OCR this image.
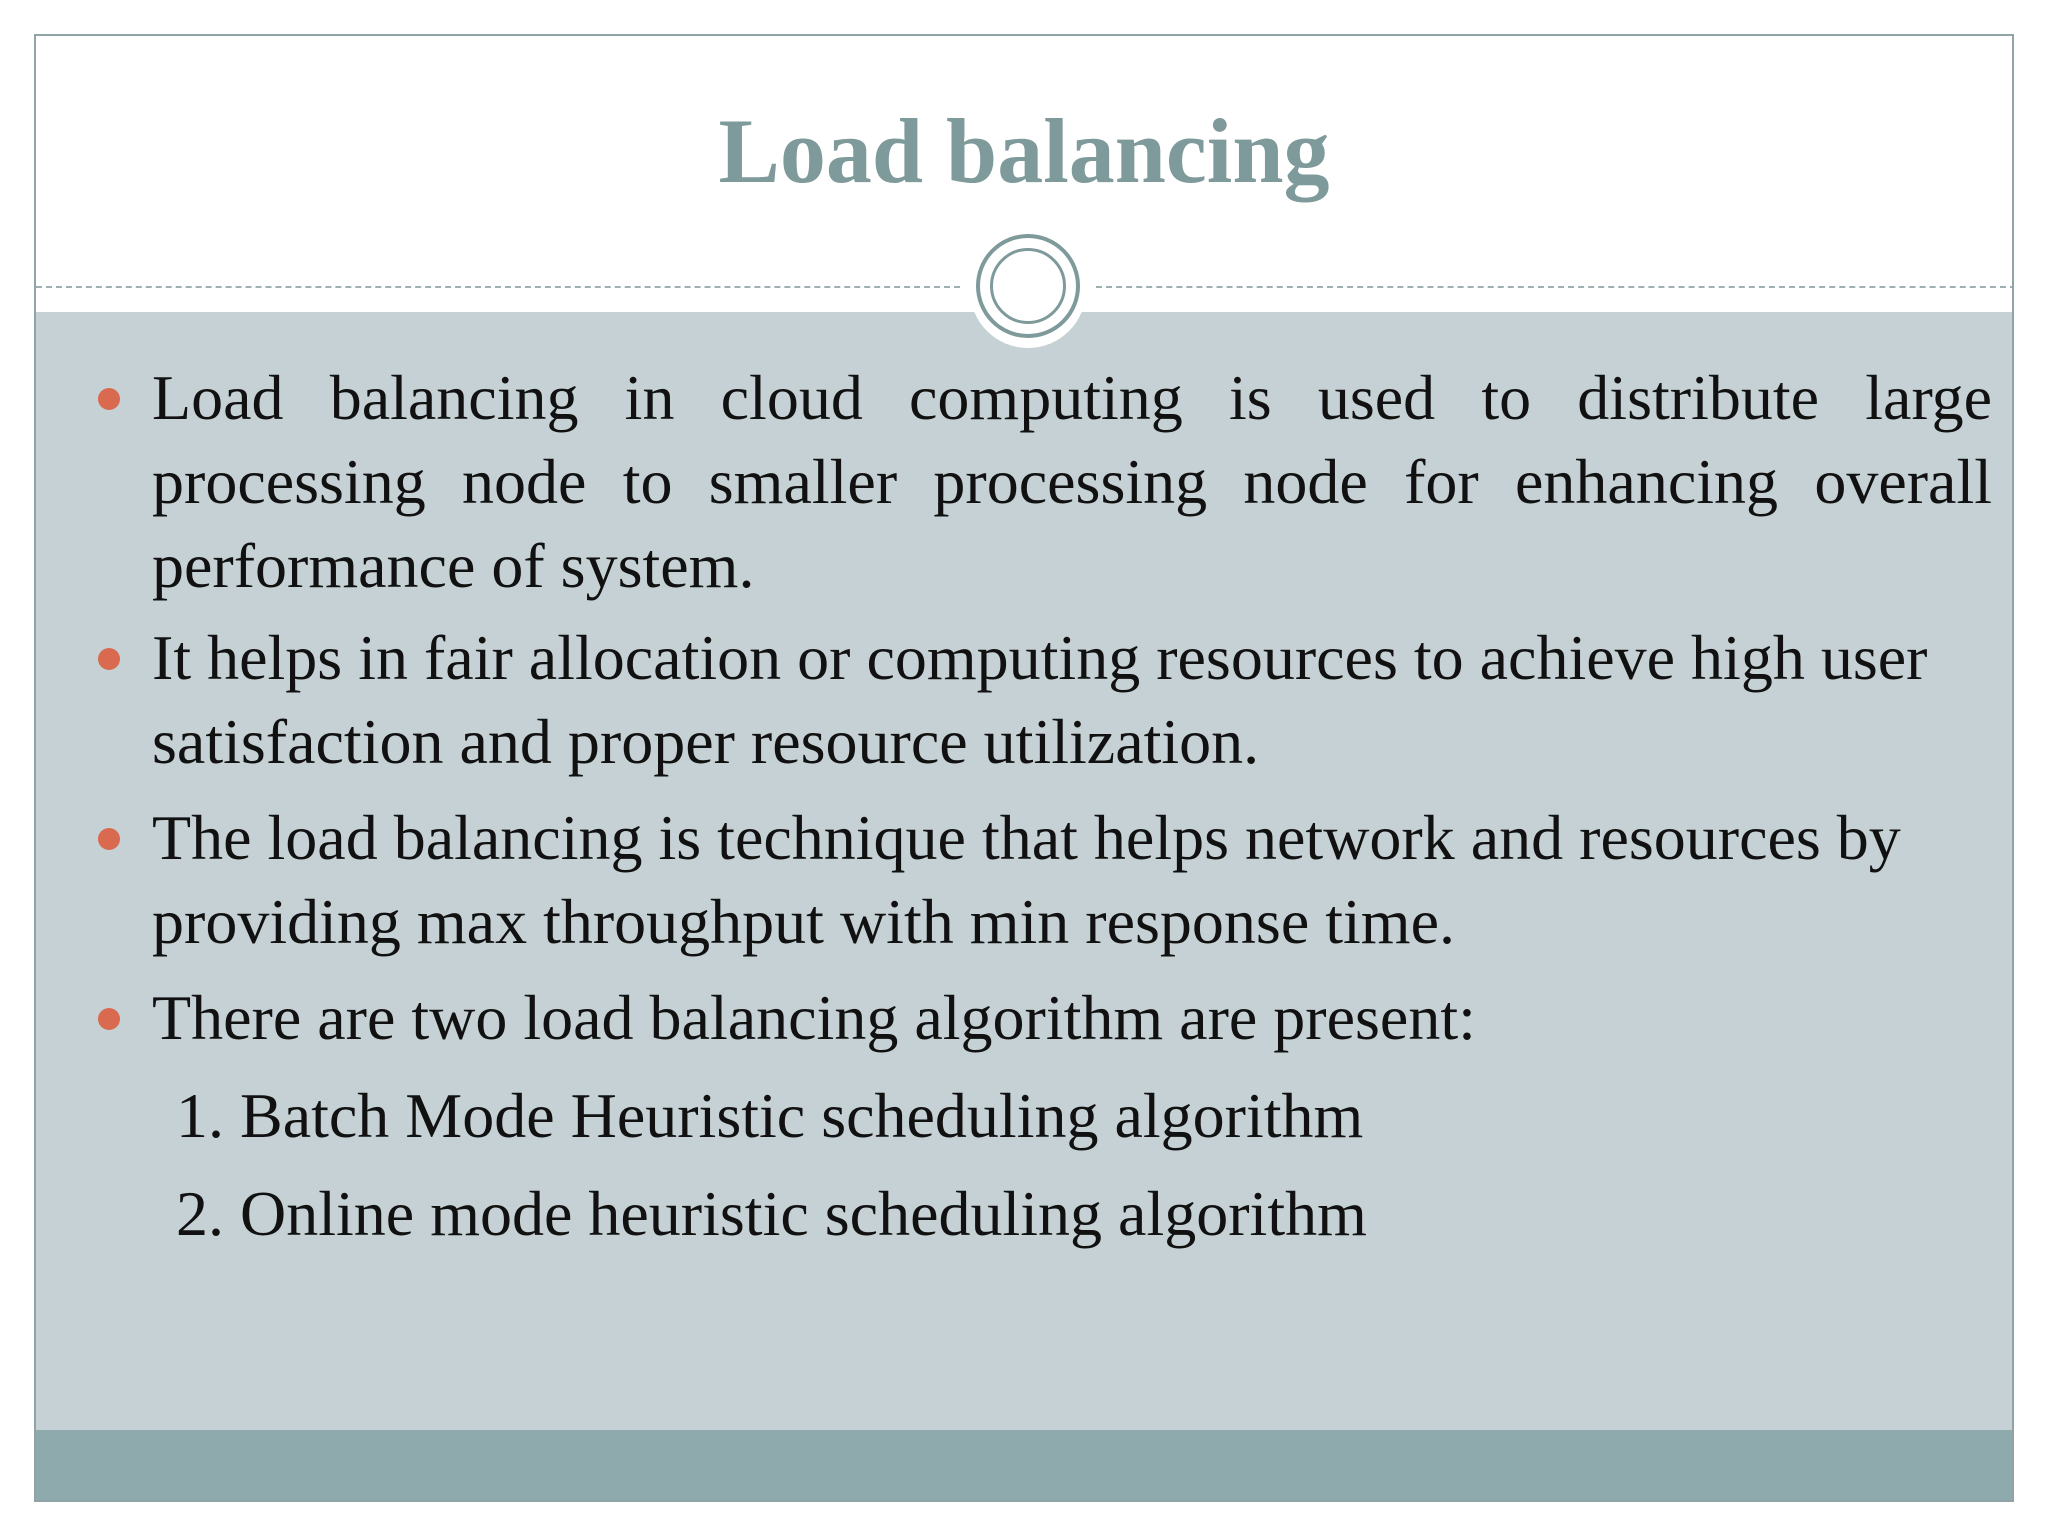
Load balancing
Load balancing in cloud computing is used to distribute large processing node to smaller processing node for enhancing overall performance of system.
It helps in fair allocation or computing resources to achieve high user satisfaction and proper resource utilization.
The load balancing is technique that helps network and resources by providing max throughput with min response time.
There are two load balancing algorithm are present:
1. Batch Mode Heuristic scheduling algorithm
2. Online mode heuristic scheduling algorithm
